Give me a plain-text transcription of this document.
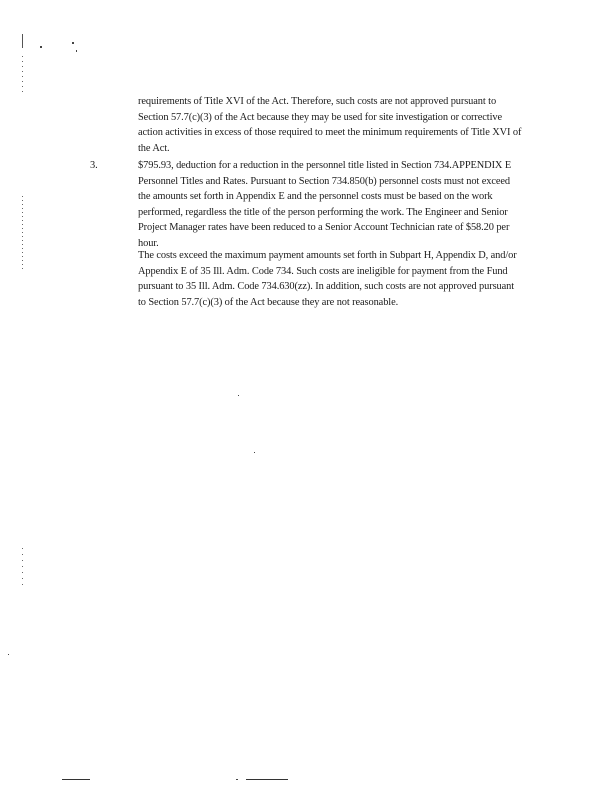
requirements of Title XVI of the Act. Therefore, such costs are not approved pursuant to Section 57.7(c)(3) of the Act because they may be used for site investigation or corrective action activities in excess of those required to meet the minimum requirements of Title XVI of the Act.

3.	$795.93, deduction for a reduction in the personnel title listed in Section 734.APPENDIX E Personnel Titles and Rates. Pursuant to Section 734.850(b) personnel costs must not exceed the amounts set forth in Appendix E and the personnel costs must be based on the work performed, regardless the title of the person performing the work. The Engineer and Senior Project Manager rates have been reduced to a Senior Account Technician rate of $58.20 per hour.

The costs exceed the maximum payment amounts set forth in Subpart H, Appendix D, and/or Appendix E of 35 Ill. Adm. Code 734. Such costs are ineligible for payment from the Fund pursuant to 35 Ill. Adm. Code 734.630(zz). In addition, such costs are not approved pursuant to Section 57.7(c)(3) of the Act because they are not reasonable.
